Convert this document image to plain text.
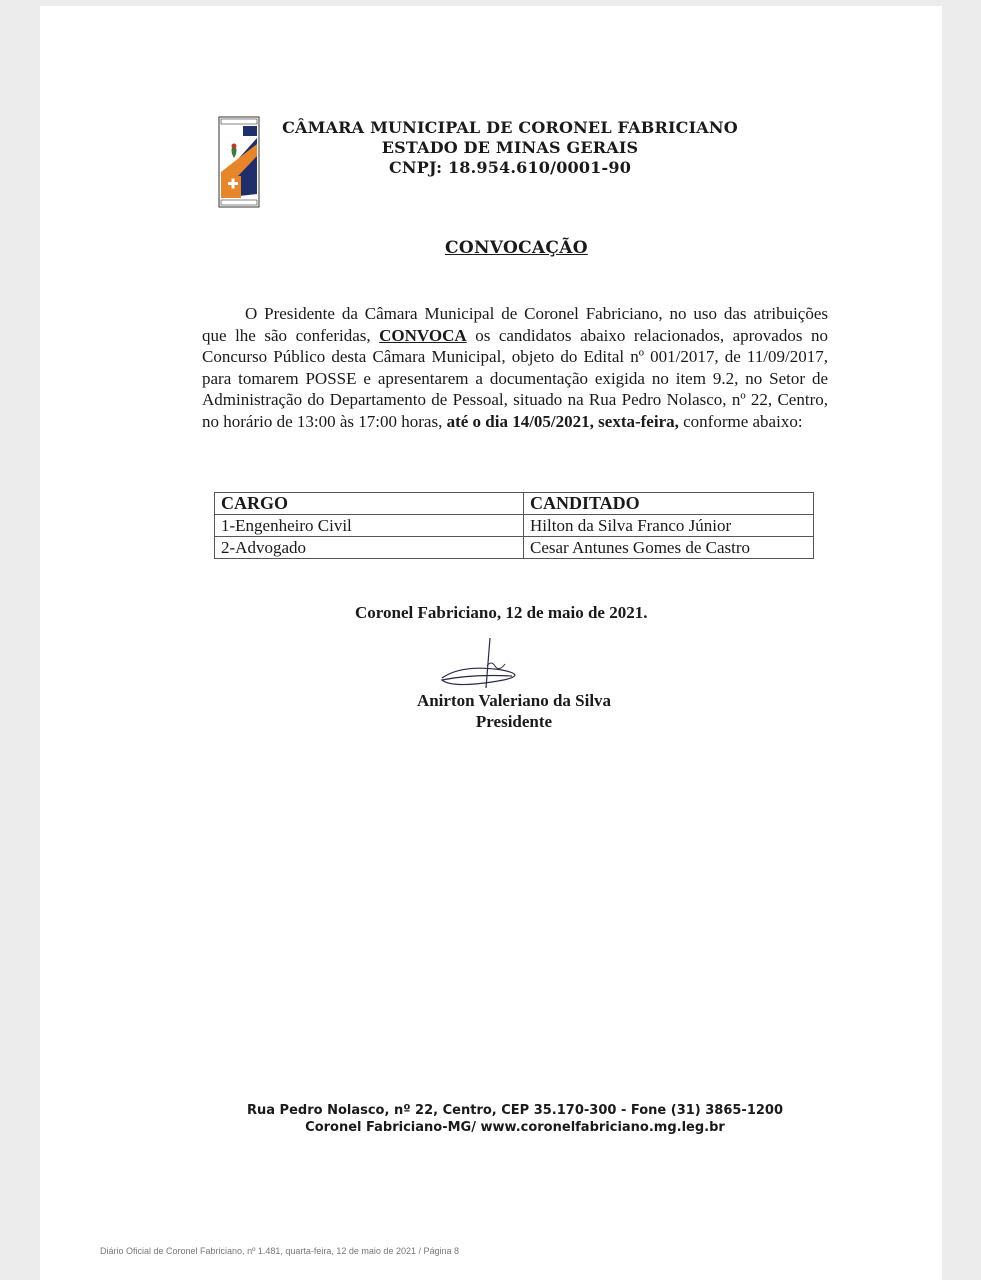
CÂMARA MUNICIPAL DE CORONEL FABRICIANO
ESTADO DE MINAS GERAIS
CNPJ: 18.954.610/0001-90
CONVOCAÇÃO

O Presidente da Câmara Municipal de Coronel Fabriciano, no uso das atribuições que lhe são conferidas, CONVOCA os candidatos abaixo relacionados, aprovados no Concurso Público desta Câmara Municipal, objeto do Edital nº 001/2017, de 11/09/2017, para tomarem POSSE e apresentarem a documentação exigida no item 9.2, no Setor de Administração do Departamento de Pessoal, situado na Rua Pedro Nolasco, nº 22, Centro, no horário de 13:00 às 17:00 horas, até o dia 14/05/2021, sexta-feira, conforme abaixo:

CARGO	CANDITADO
1-Engenheiro Civil	Hilton da Silva Franco Júnior
2-Advogado	Cesar Antunes Gomes de Castro
Coronel Fabriciano, 12 de maio de 2021.
Anirton Valeriano da Silva
Presidente
Rua Pedro Nolasco, nº 22, Centro, CEP 35.170-300 - Fone (31) 3865-1200
Coronel Fabriciano-MG/ www.coronelfabriciano.mg.leg.br
Diário Oficial de Coronel Fabriciano, nº 1.481, quarta-feira, 12 de maio de 2021 / Página 8
